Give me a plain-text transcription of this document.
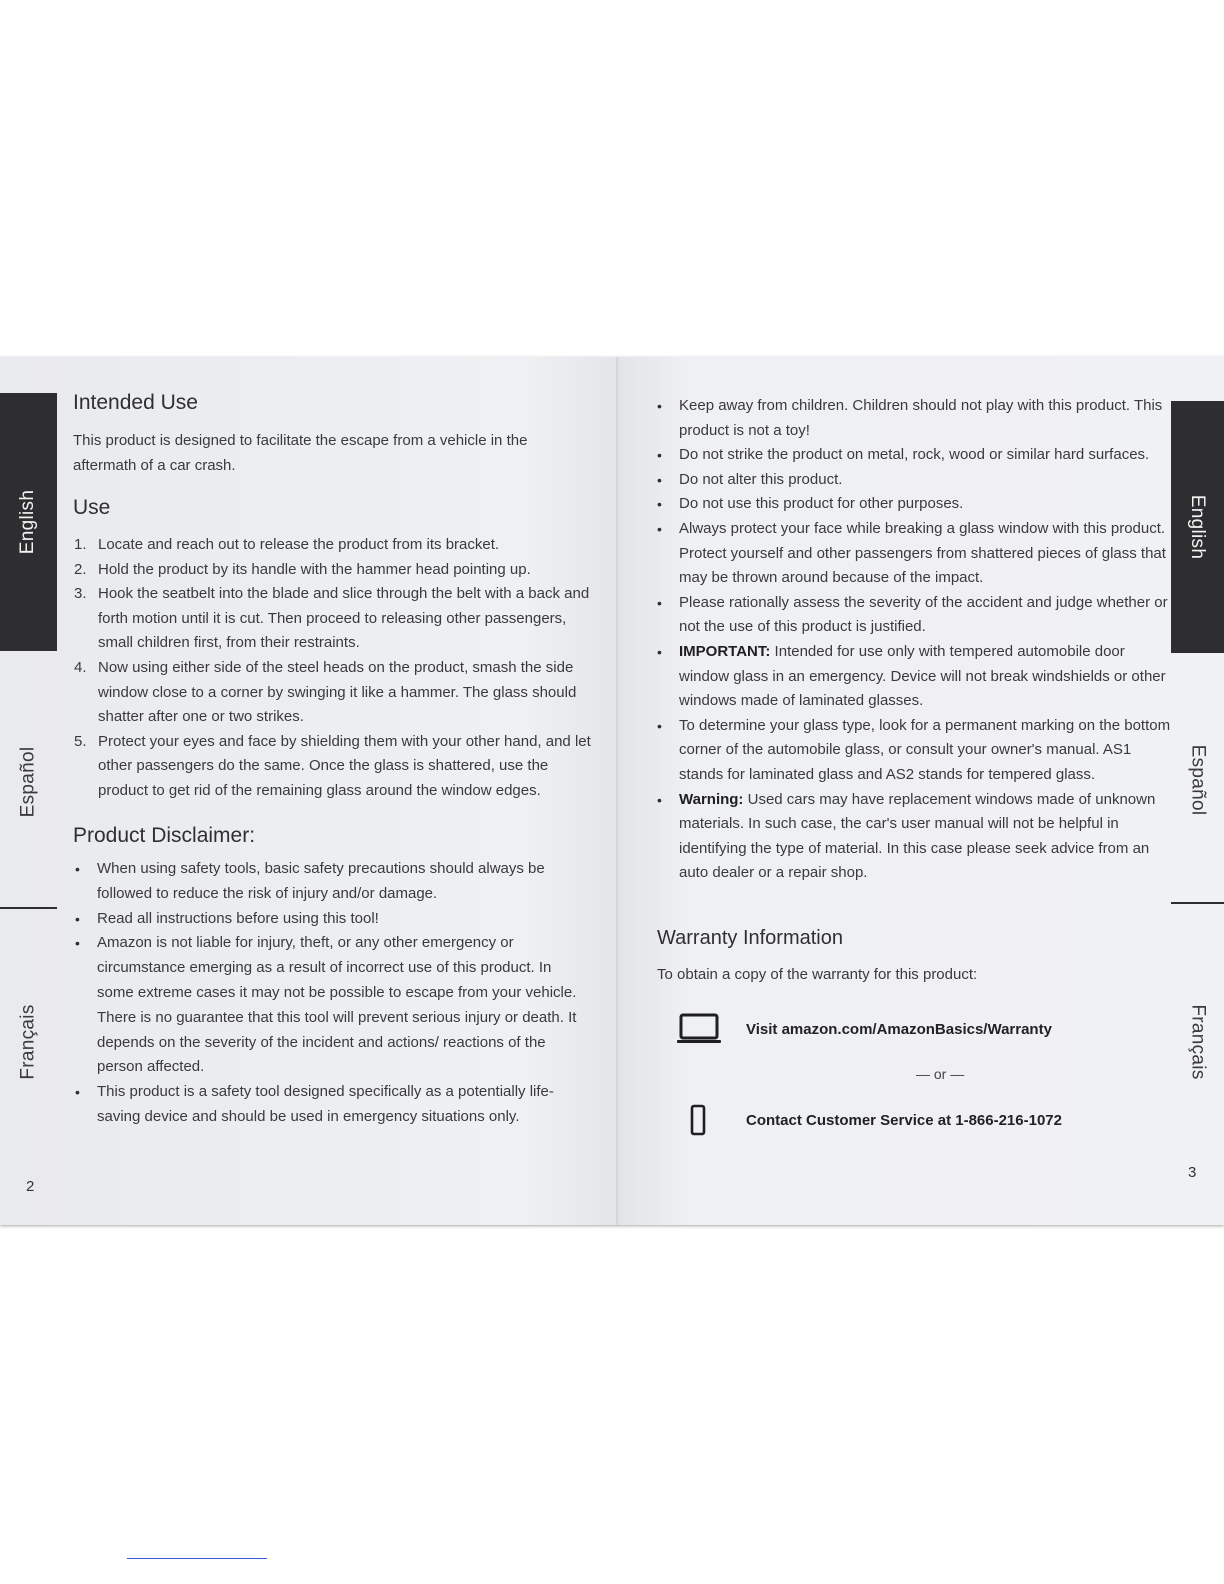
English
Español
Français
Intended Use

This product is designed to facilitate the escape from a vehicle in the aftermath of a car crash.

Use
1. Locate and reach out to release the product from its bracket.
2. Hold the product by its handle with the hammer head pointing up.
3. Hook the seatbelt into the blade and slice through the belt with a back and forth motion until it is cut. Then proceed to releasing other passengers, small children first, from their restraints.
4. Now using either side of the steel heads on the product, smash the side window close to a corner by swinging it like a hammer. The glass should shatter after one or two strikes.
5. Protect your eyes and face by shielding them with your other hand, and let other passengers do the same. Once the glass is shattered, use the product to get rid of the remaining glass around the window edges.
Product Disclaimer:
• When using safety tools, basic safety precautions should always be followed to reduce the risk of injury and/or damage.
• Read all instructions before using this tool!
• Amazon is not liable for injury, theft, or any other emergency or circumstance emerging as a result of incorrect use of this product. In some extreme cases it may not be possible to escape from your vehicle. There is no guarantee that this tool will prevent serious injury or death. It depends on the severity of the incident and actions/ reactions of the person affected.
• This product is a safety tool designed specifically as a potentially life-saving device and should be used in emergency situations only.
2
• Keep away from children. Children should not play with this product. This product is not a toy!
• Do not strike the product on metal, rock, wood or similar hard surfaces.
• Do not alter this product.
• Do not use this product for other purposes.
• Always protect your face while breaking a glass window with this product. Protect yourself and other passengers from shattered pieces of glass that may be thrown around because of the impact.
• Please rationally assess the severity of the accident and judge whether or not the use of this product is justified.
• IMPORTANT: Intended for use only with tempered automobile door window glass in an emergency. Device will not break windshields or other windows made of laminated glasses.
• To determine your glass type, look for a permanent marking on the bottom corner of the automobile glass, or consult your owner's manual. AS1 stands for laminated glass and AS2 stands for tempered glass.
• Warning: Used cars may have replacement windows made of unknown materials. In such case, the car's user manual will not be helpful in identifying the type of material. In this case please seek advice from an auto dealer or a repair shop.
Warranty Information

To obtain a copy of the warranty for this product:

Visit amazon.com/AmazonBasics/Warranty
— or —
Contact Customer Service at 1-866-216-1072
English
Español
Français
3
